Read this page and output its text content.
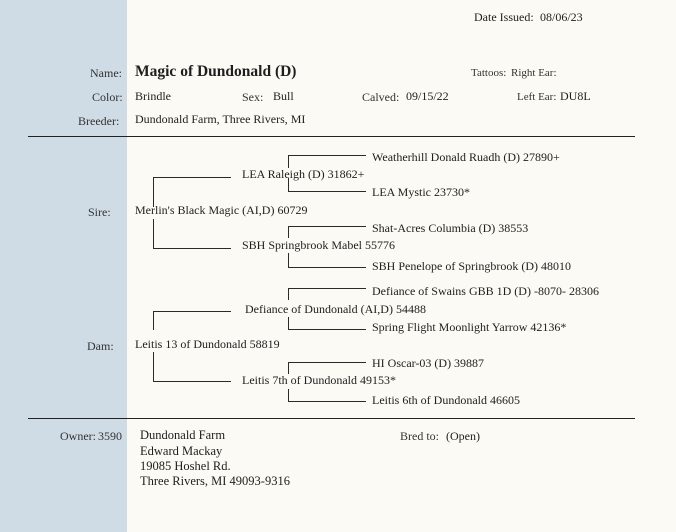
Date Issued: 08/06/23
Name: Magic of Dundonald (D)	Tattoos: Right Ear:
Color: Brindle	Sex: Bull	Calved: 09/15/22	Left Ear: DU8L
Breeder: Dundonald Farm, Three Rivers, MI
Weatherhill Donald Ruadh (D) 27890+
LEA Raleigh (D) 31862+
LEA Mystic 23730*
Sire: Merlin's Black Magic (AI,D) 60729
Shat-Acres Columbia (D) 38553
SBH Springbrook Mabel 55776
SBH Penelope of Springbrook (D) 48010
Defiance of Swains GBB 1D (D) -8070- 28306
Defiance of Dundonald (AI,D) 54488
Spring Flight Moonlight Yarrow 42136*
Dam: Leitis 13 of Dundonald 58819
HI Oscar-03 (D) 39887
Leitis 7th of Dundonald 49153*
Leitis 6th of Dundonald 46605
Owner: 3590 Dundonald Farm
Edward Mackay
19085 Hoshel Rd.
Three Rivers, MI 49093-9316
Bred to: (Open)
